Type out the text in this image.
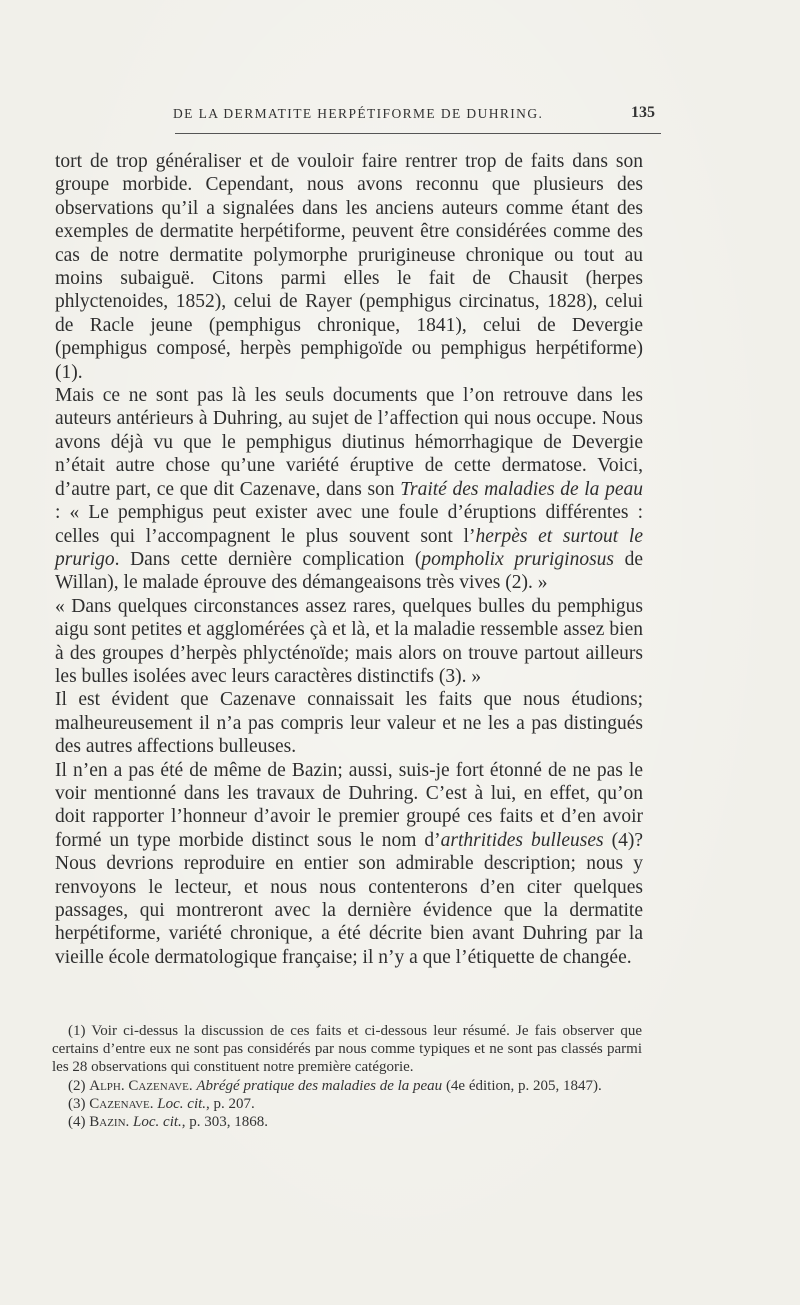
DE LA DERMATITE HERPÉTIFORME DE DUHRING.	135

tort de trop généraliser et de vouloir faire rentrer trop de faits dans son groupe morbide. Cependant, nous avons reconnu que plusieurs des observations qu’il a signalées dans les anciens auteurs comme étant des exemples de dermatite herpétiforme, peuvent être considérées comme des cas de notre dermatite polymorphe prurigineuse chronique ou tout au moins subaiguë. Citons parmi elles le fait de Chausit (herpes phlyctenoides, 1852), celui de Rayer (pemphigus circinatus, 1828), celui de Racle jeune (pemphigus chronique, 1841), celui de Devergie (pemphigus composé, herpès pemphigoïde ou pemphigus herpétiforme) (1).

Mais ce ne sont pas là les seuls documents que l’on retrouve dans les auteurs antérieurs à Duhring, au sujet de l’affection qui nous occupe. Nous avons déjà vu que le pemphigus diutinus hémorrhagique de Devergie n’était autre chose qu’une variété éruptive de cette dermatose. Voici, d’autre part, ce que dit Cazenave, dans son Traité des maladies de la peau : « Le pemphigus peut exister avec une foule d’éruptions différentes : celles qui l’accompagnent le plus souvent sont l’herpès et surtout le prurigo. Dans cette dernière complication (pompholix pruriginosus de Willan), le malade éprouve des démangeaisons très vives (2). »

« Dans quelques circonstances assez rares, quelques bulles du pemphigus aigu sont petites et agglomérées çà et là, et la maladie ressemble assez bien à des groupes d’herpès phlycténoïde; mais alors on trouve partout ailleurs les bulles isolées avec leurs caractères distinctifs (3). »

Il est évident que Cazenave connaissait les faits que nous étudions; malheureusement il n’a pas compris leur valeur et ne les a pas distingués des autres affections bulleuses.

Il n’en a pas été de même de Bazin; aussi, suis-je fort étonné de ne pas le voir mentionné dans les travaux de Duhring. C’est à lui, en effet, qu’on doit rapporter l’honneur d’avoir le premier groupé ces faits et d’en avoir formé un type morbide distinct sous le nom d’arthritides bulleuses (4)? Nous devrions reproduire en entier son admirable description; nous y renvoyons le lecteur, et nous nous contenterons d’en citer quelques passages, qui montreront avec la dernière évidence que la dermatite herpétiforme, variété chronique, a été décrite bien avant Duhring par la vieille école dermatologique française; il n’y a que l’étiquette de changée.

(1) Voir ci-dessus la discussion de ces faits et ci-dessous leur résumé. Je fais observer que certains d’entre eux ne sont pas considérés par nous comme typiques et ne sont pas classés parmi les 28 observations qui constituent notre première catégorie.

(2) Alph. Cazenave. Abrégé pratique des maladies de la peau (4e édition, p. 205, 1847).

(3) Cazenave. Loc. cit., p. 207.

(4) Bazin. Loc. cit., p. 303, 1868.
